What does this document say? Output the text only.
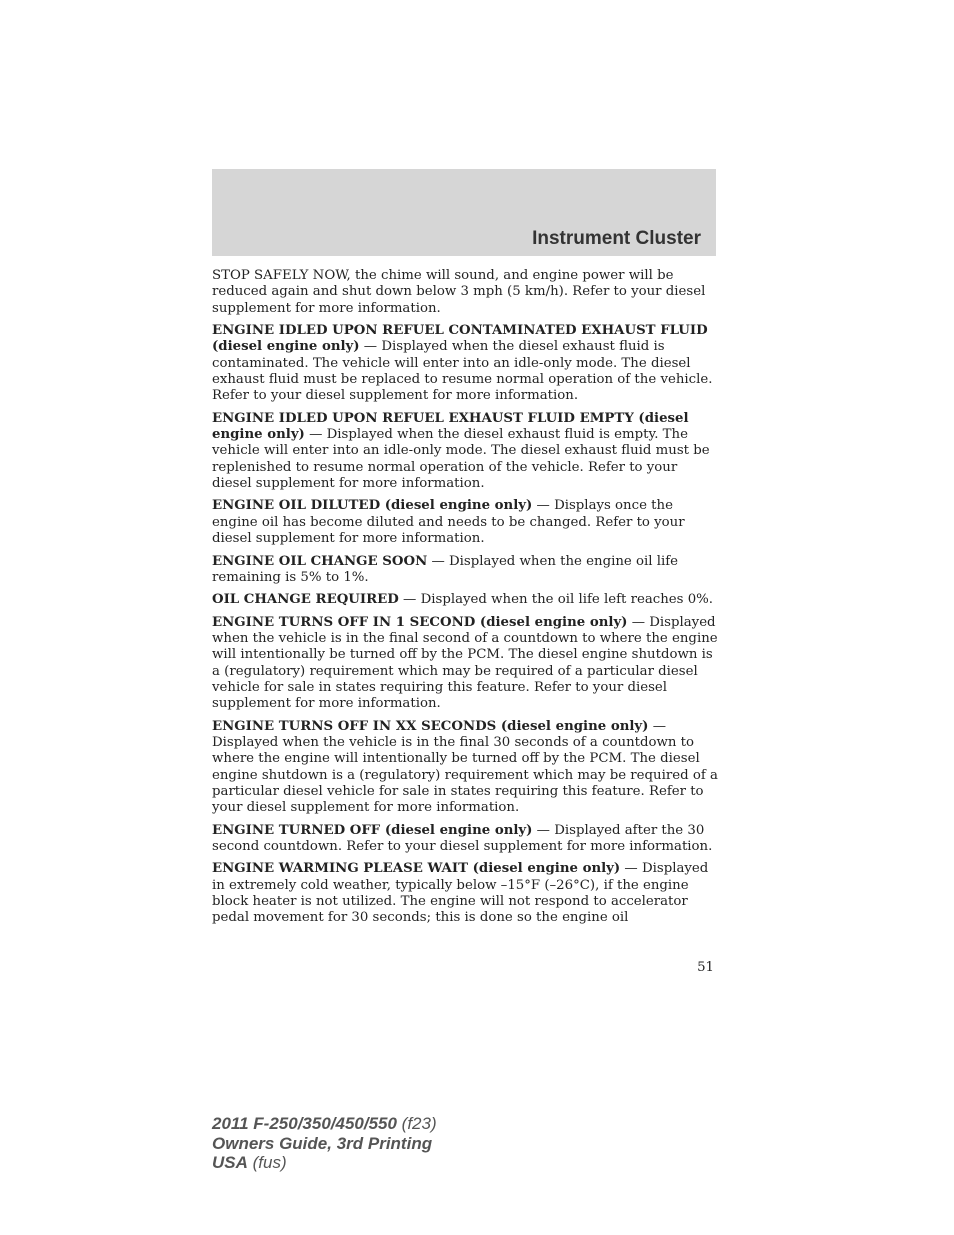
Instrument Cluster

STOP SAFELY NOW, the chime will sound, and engine power will be reduced again and shut down below 3 mph (5 km/h). Refer to your diesel supplement for more information.

ENGINE IDLED UPON REFUEL CONTAMINATED EXHAUST FLUID (diesel engine only) — Displayed when the diesel exhaust fluid is contaminated. The vehicle will enter into an idle-only mode. The diesel exhaust fluid must be replaced to resume normal operation of the vehicle. Refer to your diesel supplement for more information.

ENGINE IDLED UPON REFUEL EXHAUST FLUID EMPTY (diesel engine only) — Displayed when the diesel exhaust fluid is empty. The vehicle will enter into an idle-only mode. The diesel exhaust fluid must be replenished to resume normal operation of the vehicle. Refer to your diesel supplement for more information.

ENGINE OIL DILUTED (diesel engine only) — Displays once the engine oil has become diluted and needs to be changed. Refer to your diesel supplement for more information.

ENGINE OIL CHANGE SOON — Displayed when the engine oil life remaining is 5% to 1%.

OIL CHANGE REQUIRED — Displayed when the oil life left reaches 0%.

ENGINE TURNS OFF IN 1 SECOND (diesel engine only) — Displayed when the vehicle is in the final second of a countdown to where the engine will intentionally be turned off by the PCM. The diesel engine shutdown is a (regulatory) requirement which may be required of a particular diesel vehicle for sale in states requiring this feature. Refer to your diesel supplement for more information.

ENGINE TURNS OFF IN XX SECONDS (diesel engine only) — Displayed when the vehicle is in the final 30 seconds of a countdown to where the engine will intentionally be turned off by the PCM. The diesel engine shutdown is a (regulatory) requirement which may be required of a particular diesel vehicle for sale in states requiring this feature. Refer to your diesel supplement for more information.

ENGINE TURNED OFF (diesel engine only) — Displayed after the 30 second countdown. Refer to your diesel supplement for more information.

ENGINE WARMING PLEASE WAIT (diesel engine only) — Displayed in extremely cold weather, typically below –15°F (–26°C), if the engine block heater is not utilized. The engine will not respond to accelerator pedal movement for 30 seconds; this is done so the engine oil

51
2011 F-250/350/450/550 (f23)
Owners Guide, 3rd Printing
USA (fus)
